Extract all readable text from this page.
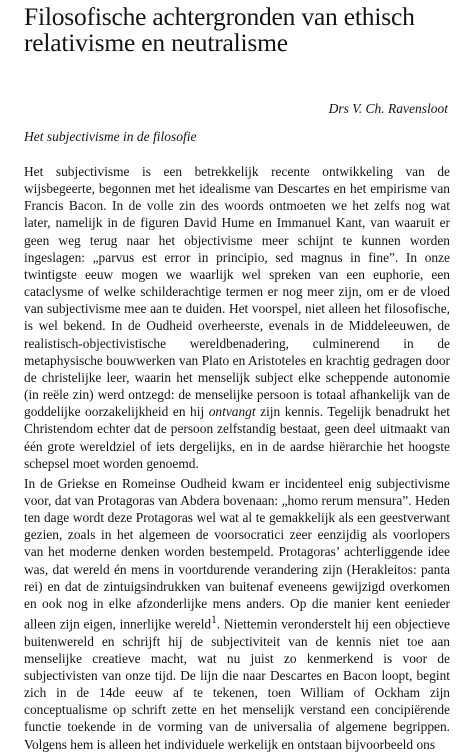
Filosofische achtergronden van ethisch relativisme en neutralisme

Drs V. Ch. Ravensloot

Het subjectivisme in de filosofie

Het subjectivisme is een betrekkelijk recente ontwikkeling van de wijsbegeerte, begonnen met het idealisme van Descartes en het empirisme van Francis Bacon. In de volle zin des woords ontmoeten we het zelfs nog wat later, namelijk in de figuren David Hume en Immanuel Kant, van waaruit er geen weg terug naar het objectivisme meer schijnt te kunnen worden ingeslagen: „parvus est error in principio, sed magnus in fine”. In onze twintigste eeuw mogen we waarlijk wel spreken van een euphorie, een cataclysme of welke schilderachtige termen er nog meer zijn, om er de vloed van subjectivisme mee aan te duiden. Het voorspel, niet alleen het filosofische, is wel bekend. In de Oudheid overheerste, evenals in de Middeleeuwen, de realistisch-objectivistische wereldbenadering, culminerend in de metaphysische bouwwerken van Plato en Aristoteles en krachtig gedragen door de christelijke leer, waarin het menselijk subject elke scheppende autonomie (in reële zin) werd ontzegd: de menselijke persoon is totaal afhankelijk van de goddelijke oorzakelijkheid en hij ontvangt zijn kennis. Tegelijk benadrukt het Christendom echter dat de persoon zelfstandig bestaat, geen deel uitmaakt van één grote wereldziel of iets dergelijks, en in de aardse hiërarchie het hoogste schepsel moet worden genoemd.

In de Griekse en Romeinse Oudheid kwam er incidenteel enig subjectivisme voor, dat van Protagoras van Abdera bovenaan: „homo rerum mensura”. Heden ten dage wordt deze Protagoras wel wat al te gemakkelijk als een geestverwant gezien, zoals in het algemeen de voorsocratici zeer eenzijdig als voorlopers van het moderne denken worden bestempeld. Protagoras’ achterliggende idee was, dat wereld én mens in voortdurende verandering zijn (Herakleitos: panta rei) en dat de zintuigsindrukken van buitenaf eveneens gewijzigd overkomen en ook nog in elke afzonderlijke mens anders. Op die manier kent eenieder alleen zijn eigen, innerlijke wereld$^1$. Niettemin veronderstelt hij een objectieve buitenwereld en schrijft hij de subjectiviteit van de kennis niet toe aan menselijke creatieve macht, wat nu juist zo kenmerkend is voor de subjectivisten van onze tijd. De lijn die naar Descartes en Bacon loopt, begint zich in de 14de eeuw af te tekenen, toen William of Ockham zijn conceptualisme op schrift zette en het menselijk verstand een concipiërende functie toekende in de vorming van de universalia of algemene begrippen. Volgens hem is alleen het individuele werkelijk en ontstaan bijvoorbeeld ons
